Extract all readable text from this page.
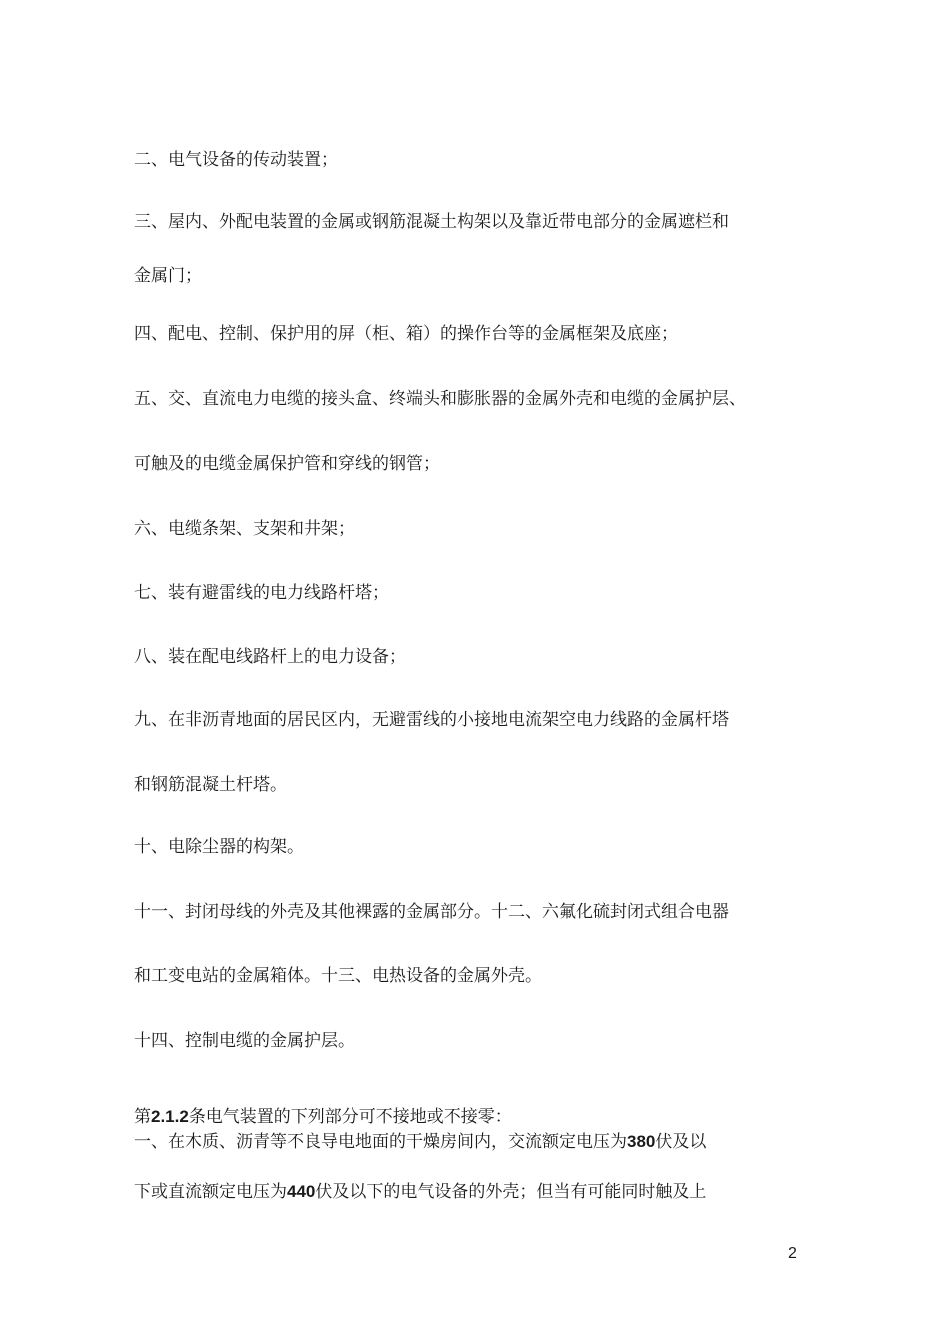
二、电气设备的传动装置；
三、屋内、外配电装置的金属或钢筋混凝土构架以及靠近带电部分的金属遮栏和
金属门；
四、配电、控制、保护用的屏（柜、箱）的操作台等的金属框架及底座；
五、交、直流电力电缆的接头盒、终端头和膨胀器的金属外壳和电缆的金属护层、
可触及的电缆金属保护管和穿线的钢管；
六、电缆条架、支架和井架；
七、装有避雷线的电力线路杆塔；
八、装在配电线路杆上的电力设备；
九、在非沥青地面的居民区内，无避雷线的小接地电流架空电力线路的金属杆塔
和钢筋混凝土杆塔。
十、电除尘器的构架。
十一、封闭母线的外壳及其他裸露的金属部分。十二、六氟化硫封闭式组合电器
和工变电站的金属箱体。十三、电热设备的金属外壳。
十四、控制电缆的金属护层。
第2.1.2条电气装置的下列部分可不接地或不接零：
一、在木质、沥青等不良导电地面的干燥房间内，交流额定电压为380伏及以
下或直流额定电压为440伏及以下的电气设备的外壳；但当有可能同时触及上
2
